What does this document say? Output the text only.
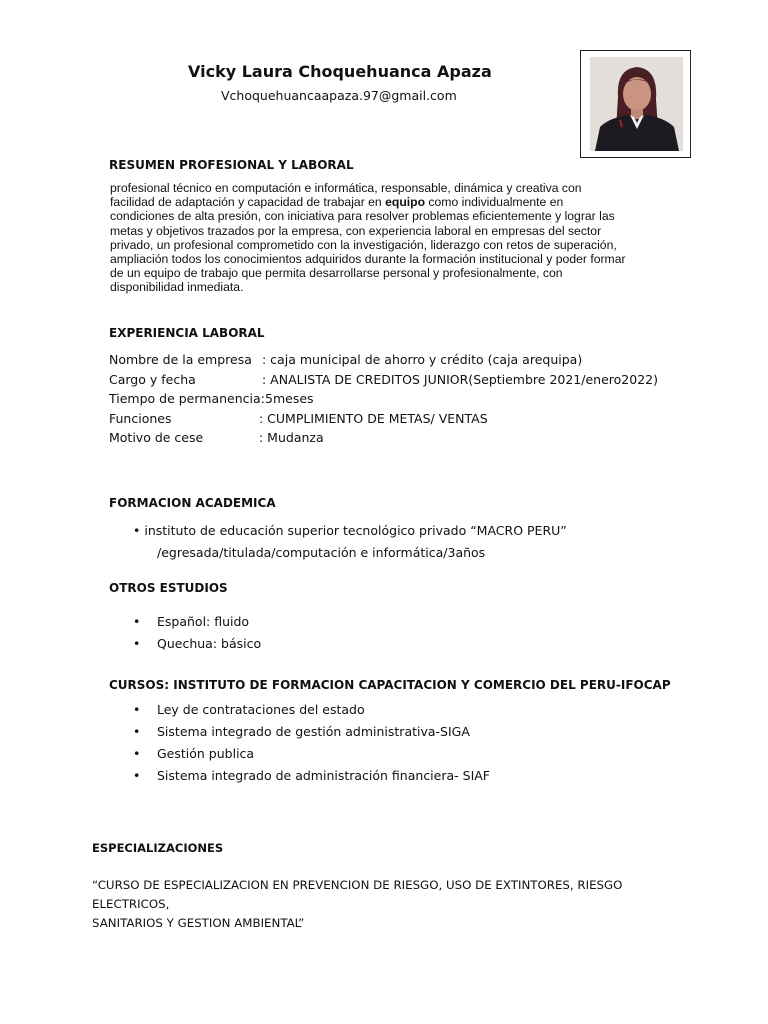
Vicky Laura Choquehuanca Apaza
Vchoquehuancaapaza.97@gmail.com
RESUMEN PROFESIONAL Y LABORAL
profesional técnico en computación e informática, responsable, dinámica y creativa con
facilidad de adaptación y capacidad de trabajar en equipo como individualmente en
condiciones de alta presión, con iniciativa para resolver problemas eficientemente y lograr las
metas y objetivos trazados por la empresa, con experiencia laboral en empresas del sector
privado, un profesional comprometido con la investigación, liderazgo con retos de superación,
ampliación todos los conocimientos adquiridos durante la formación institucional y poder formar
de un equipo de trabajo que permita desarrollarse personal y profesionalmente, con
disponibilidad inmediata.
EXPERIENCIA LABORAL
Nombre de la empresa : caja municipal de ahorro y crédito (caja arequipa)
Cargo y fecha	: ANALISTA DE CREDITOS JUNIOR(Septiembre 2021/enero2022)
Tiempo de permanencia: 5meses
Funciones	: CUMPLIMIENTO DE METAS/ VENTAS
Motivo de cese	: Mudanza
FORMACION ACADEMICA
• instituto de educación superior tecnológico privado “MACRO PERU”
/egresada/titulada/computación e informática/3años
OTROS ESTUDIOS
• Español: fluido
• Quechua: básico
CURSOS: INSTITUTO DE FORMACION CAPACITACION Y COMERCIO DEL PERU-IFOCAP
• Ley de contrataciones del estado
• Sistema integrado de gestión administrativa-SIGA
• Gestión publica
• Sistema integrado de administración financiera- SIAF
ESPECIALIZACIONES
“CURSO DE ESPECIALIZACION EN PREVENCION DE RIESGO, USO DE EXTINTORES, RIESGO ELECTRICOS,
SANITARIOS Y GESTION AMBIENTAL”
